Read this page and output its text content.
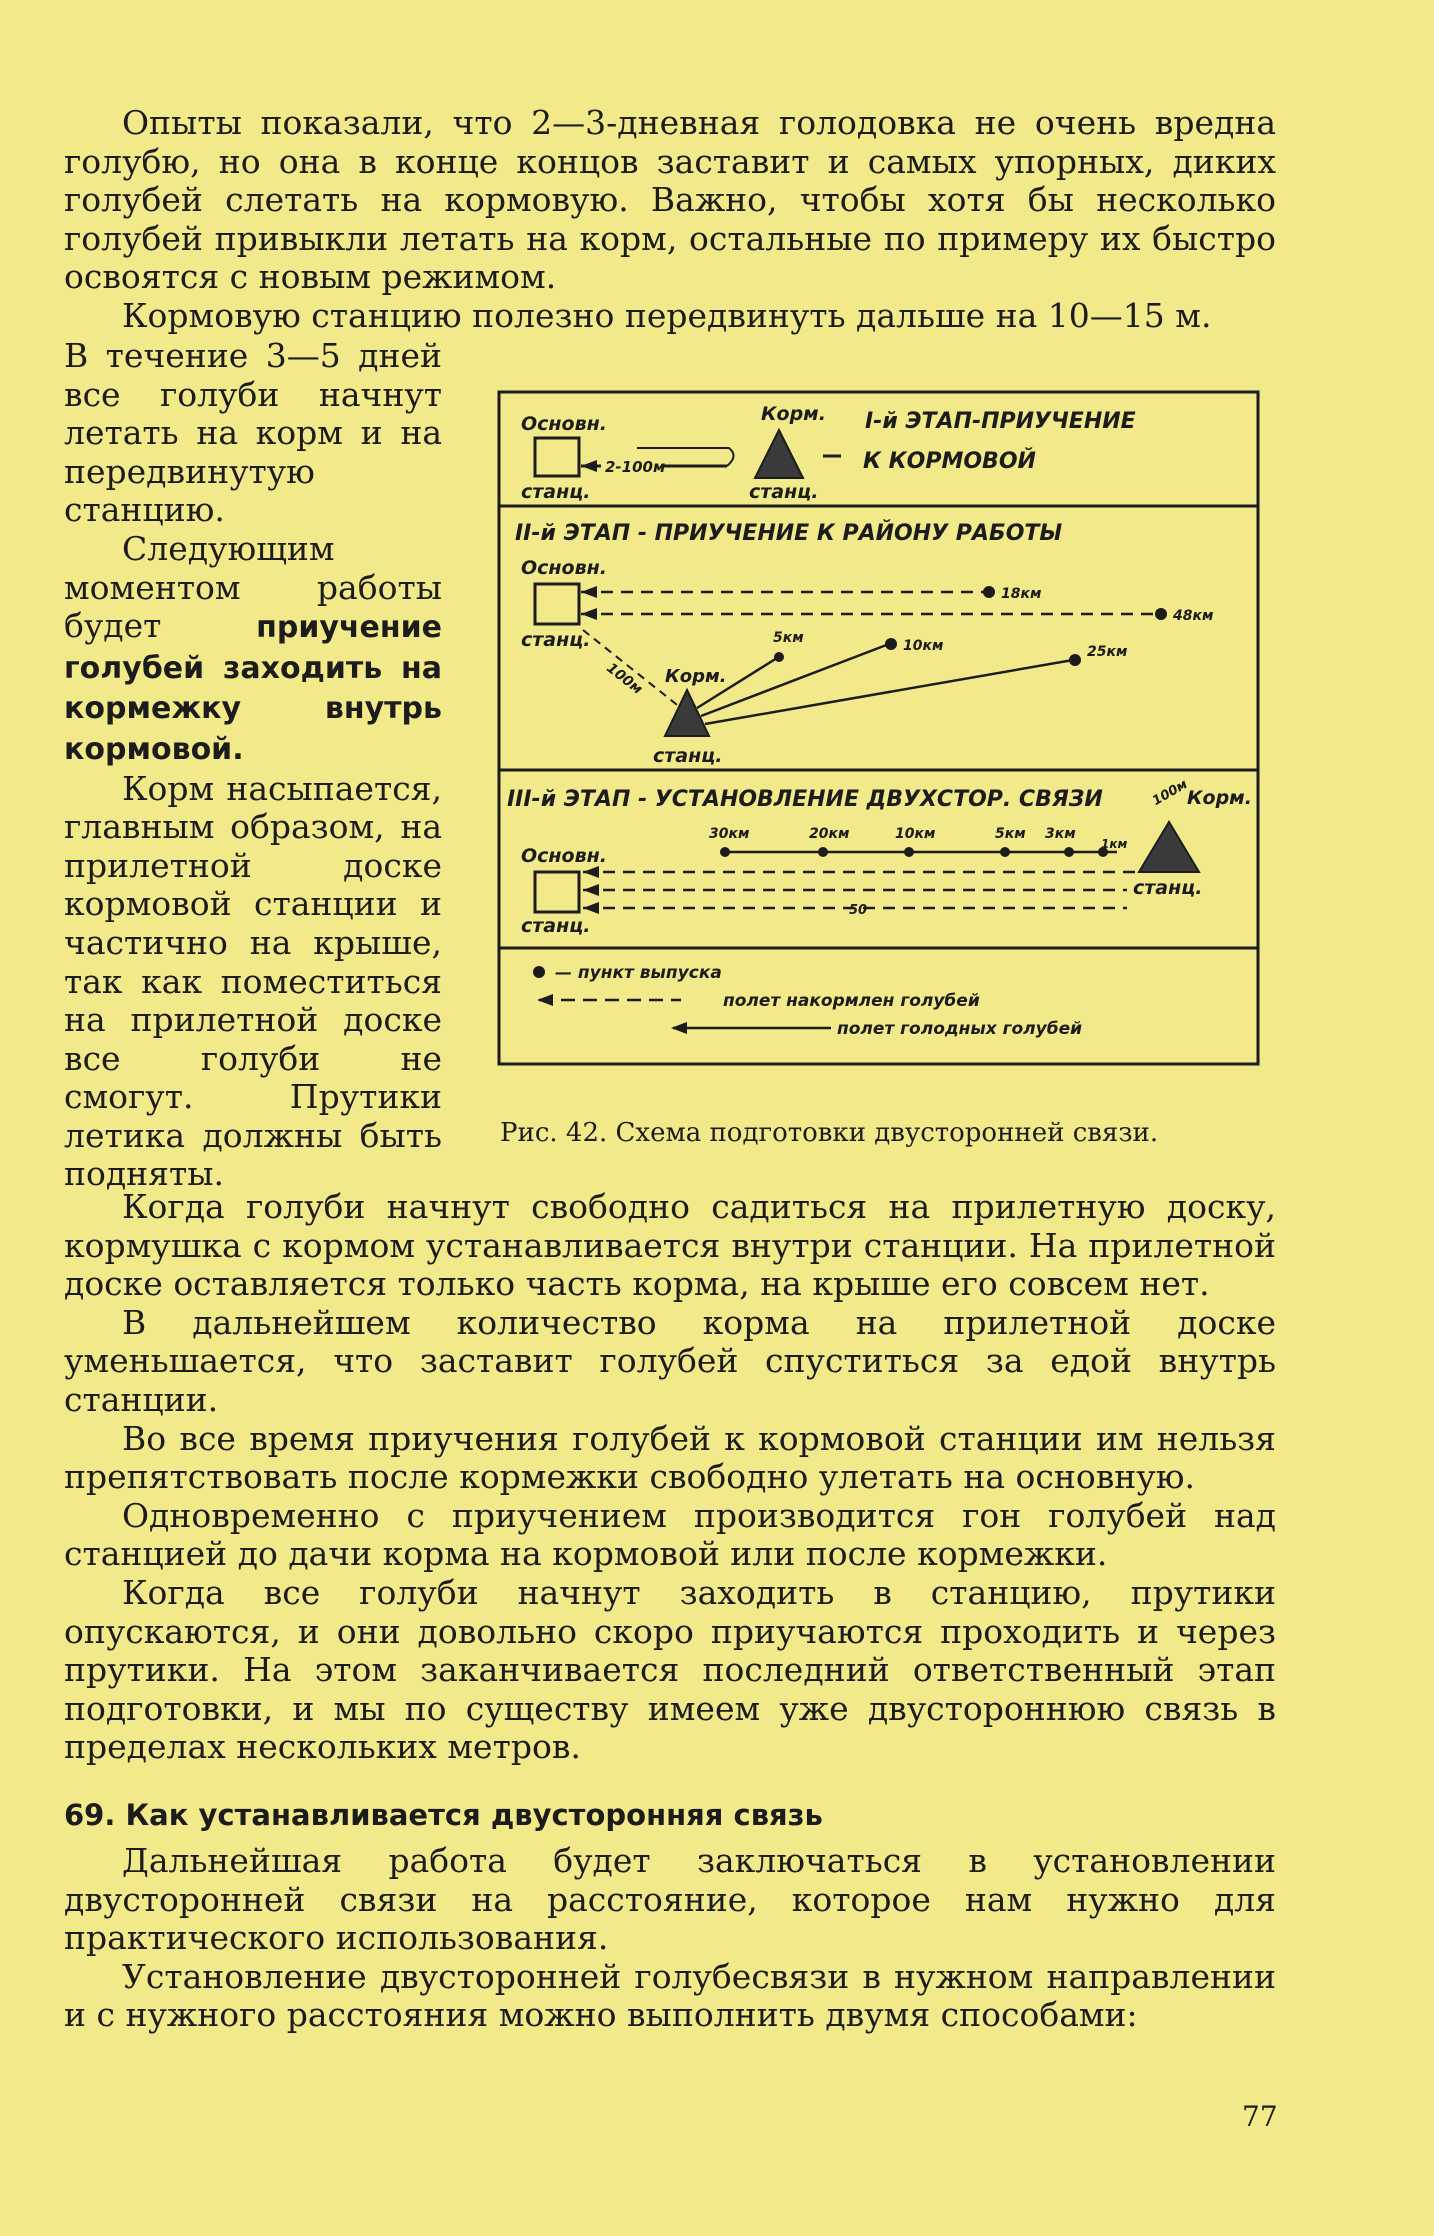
Опыты показали, что 2—3-дневная голодовка не очень вредна голубю, но она в конце концов заставит и самых упорных, диких голубей слетать на кормовую. Важно, чтобы хотя бы несколько голубей привыкли летать на корм, остальные по примеру их быстро освоятся с новым режимом.

Кормовую станцию полезно передвинуть дальше на 10—15 м.

В течение 3—5 дней все голуби начнут летать на корм и на передвинутую станцию.

Следующим моментом работы будет	приучение голубей заходить на кормежку внутрь кормовой.

Корм насыпается, главным образом, на прилетной доске кормовой станции и частично на крыше, так как поместиться на прилетной доске все голуби не смогут. Прутики летика должны быть подняты.

Основн.
станц.
2-100м
Корм.
станц.
I-й ЭТАП-ПРИУЧЕНИЕ
К КОРМОВОЙ
II-й ЭТАП - ПРИУЧЕНИЕ К РАЙОНУ РАБОТЫ
Основн.
станц.
18км
48км
100м Корм.
станц.
5км	10км	25км
III-й ЭТАП - УСТАНОВЛЕНИЕ ДВУХСТОР. СВЯЗИ	100м
Корм.
Основн.
станц.
30км	20км	10км	5км 3км
1км
станц.
50
— пункт выпуска
полет накормлен голубей
полет голодных голубей
Рис. 42. Схема подготовки двусторонней связи.

Когда голуби начнут свободно садиться на прилетную доску, кормушка с кормом устанавливается внутри станции. На прилетной доске оставляется только часть корма, на крыше его совсем нет.

В дальнейшем количество корма на прилетной доске уменьшается, что заставит голубей спуститься за едой внутрь станции.

Во все время приучения голубей к кормовой станции им нельзя препятствовать после кормежки свободно улетать на основную.

Одновременно с приучением производится гон голубей над станцией до дачи корма на кормовой или после кормежки.

Когда все голуби начнут заходить в станцию, прутики опускаются, и они довольно скоро приучаются проходить и через прутики. На этом заканчивается последний ответственный этап подготовки, и мы по существу имеем уже двустороннюю связь в пределах нескольких метров.

69. Как устанавливается двусторонняя связь

Дальнейшая работа будет заключаться в установлении двусторонней связи на расстояние, которое нам нужно для практического использования.

Установление двусторонней голубесвязи в нужном направлении и с нужного расстояния можно выполнить двумя способами:

77
